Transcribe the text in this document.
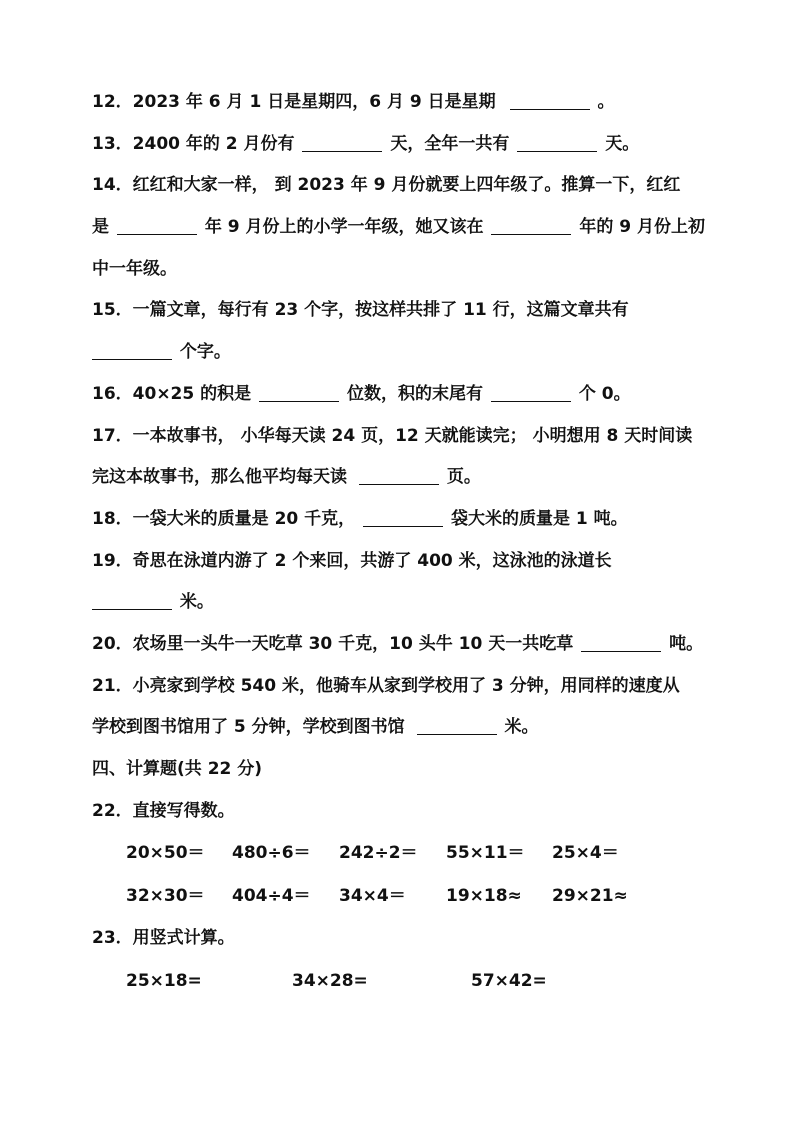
12．2023 年 6 月 1 日是星期四，6 月 9 日是星期	。
13．2400 年的 2 月份有	天，全年一共有	天。
14．红红和大家一样， 到 2023 年 9 月份就要上四年级了。推算一下，红红
是	年 9 月份上的小学一年级，她又该在	年的 9 月份上初
中一年级。
15．一篇文章，每行有 23 个字，按这样共排了 11 行，这篇文章共有
个字。
16．40×25 的积是	位数，积的末尾有	个 0。
17．一本故事书， 小华每天读 24 页，12 天就能读完； 小明想用 8 天时间读
完这本故事书，那么他平均每天读	页。
18．一袋大米的质量是 20 千克，	袋大米的质量是 1 吨。
19．奇思在泳道内游了 2 个来回，共游了 400 米，这泳池的泳道长
米。
20．农场里一头牛一天吃草 30 千克，10 头牛 10 天一共吃草	吨。
21．小亮家到学校 540 米，他骑车从家到学校用了 3 分钟，用同样的速度从
学校到图书馆用了 5 分钟，学校到图书馆	米。
四、计算题(共 22 分)
22．直接写得数。
20×50＝ 480÷6＝ 242÷2＝ 55×11＝ 25×4＝
32×30＝ 404÷4＝ 34×4＝ 19×18≈ 29×21≈
23．用竖式计算。
25×18=	34×28=	57×42=
